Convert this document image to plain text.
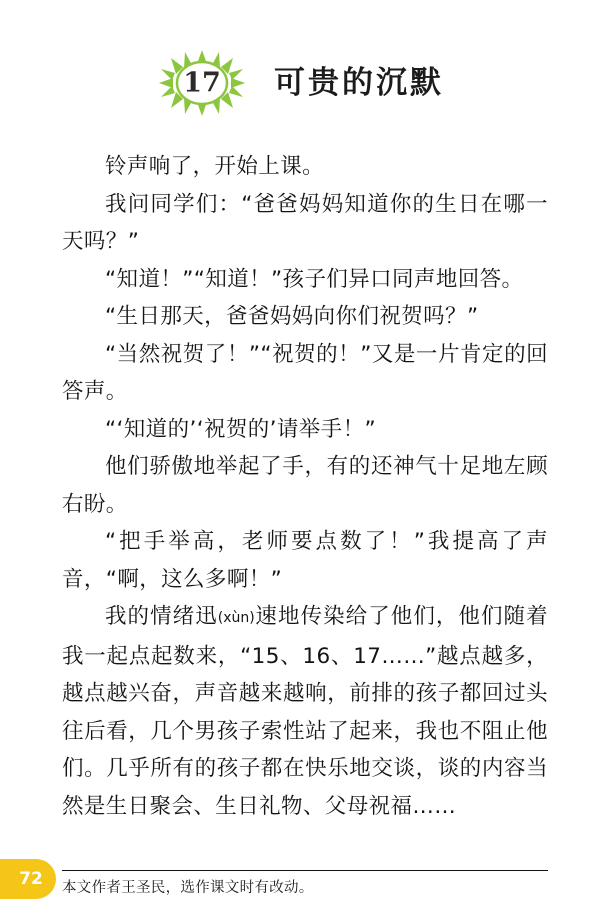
17 可贵的沉默

铃声响了，开始上课。

我问同学们：“爸爸妈妈知道你的生日在哪一天吗？”

“知道！”“知道！”孩子们异口同声地回答。

“生日那天，爸爸妈妈向你们祝贺吗？”

“当然祝贺了！”“祝贺的！”又是一片肯定的回答声。

“‘知道的’‘祝贺的’请举手！”

他们骄傲地举起了手，有的还神气十足地左顾右盼。

“把手举高，老师要点数了！”我提高了声音，“啊，这么多啊！”

我的情绪迅(xùn)速地传染给了他们，他们随着我一起点起数来，“15、16、17……”越点越多，越点越兴奋，声音越来越响，前排的孩子都回过头往后看，几个男孩子索性站了起来，我也不阻止他们。几乎所有的孩子都在快乐地交谈，谈的内容当然是生日聚会、生日礼物、父母祝福……

本文作者王圣民，选作课文时有改动。
72
